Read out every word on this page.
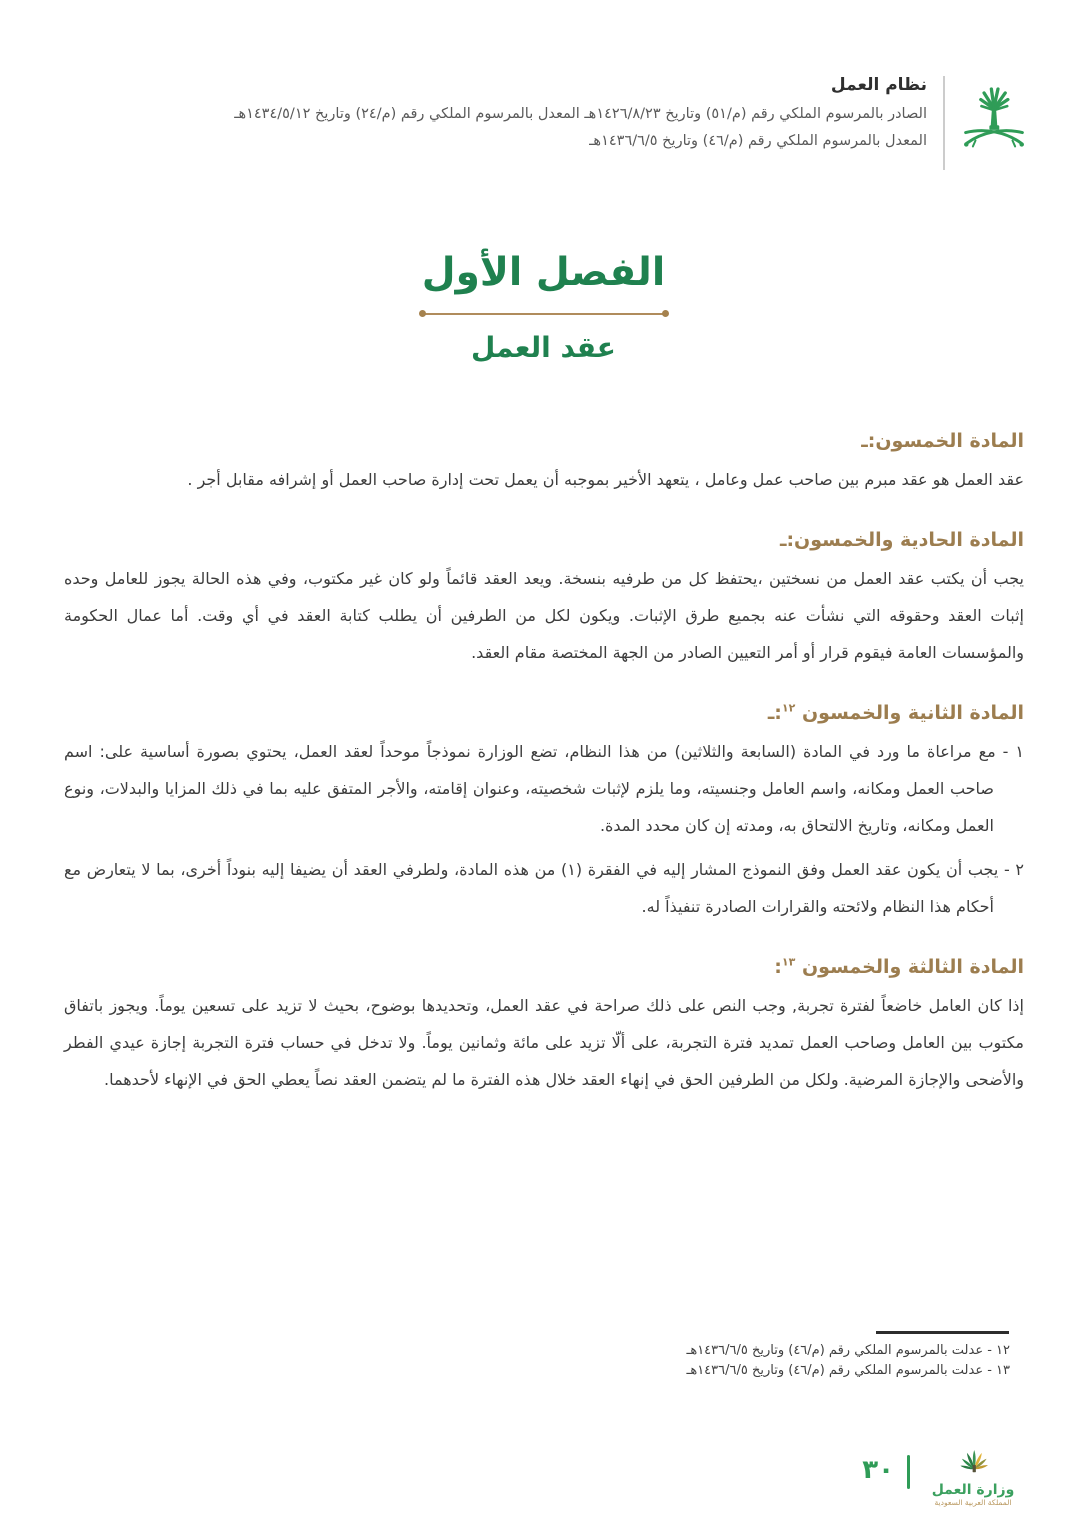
نظام العمل

الصادر بالمرسوم الملكي رقم (م/٥١) وتاريخ ١٤٢٦/٨/٢٣هـ المعدل بالمرسوم الملكي رقم (م/٢٤) وتاريخ ١٤٣٤/٥/١٢هـ

المعدل بالمرسوم الملكي رقم (م/٤٦) وتاريخ ١٤٣٦/٦/٥هـ

الفصل الأول
عقد العمل
المادة الخمسون:ـ

عقد العمل هو عقد مبرم بين صاحب عمل وعامل ، يتعهد الأخير بموجبه أن يعمل تحت إدارة صاحب العمل أو إشرافه مقابل أجر .

المادة الحادية والخمسون:ـ

يجب أن يكتب عقد العمل من نسختين ،يحتفظ كل من طرفيه بنسخة. ويعد العقد قائماً ولو كان غير مكتوب، وفي هذه الحالة يجوز للعامل وحده إثبات العقد وحقوقه التي نشأت عنه بجميع طرق الإثبات. ويكون لكل من الطرفين أن يطلب كتابة العقد في أي وقت. أما عمال الحكومة والمؤسسات العامة فيقوم قرار أو أمر التعيين الصادر من الجهة المختصة مقام العقد.

المادة الثانية والخمسون $^{١٢}$:ـ

١ - مع مراعاة ما ورد في المادة (السابعة والثلاثين) من هذا النظام، تضع الوزارة نموذجاً موحداً لعقد العمل، يحتوي بصورة أساسية على: اسم صاحب العمل ومكانه، واسم العامل وجنسيته، وما يلزم لإثبات شخصيته، وعنوان إقامته، والأجر المتفق عليه بما في ذلك المزايا والبدلات، ونوع العمل ومكانه، وتاريخ الالتحاق به، ومدته إن كان محدد المدة.

٢ - يجب أن يكون عقد العمل وفق النموذج المشار إليه في الفقرة (١) من هذه المادة، ولطرفي العقد أن يضيفا إليه بنوداً أخرى، بما لا يتعارض مع أحكام هذا النظام ولائحته والقرارات الصادرة تنفيذاً له.

المادة الثالثة والخمسون $^{١٣}$:

إذا كان العامل خاضعاً لفترة تجربة, وجب النص على ذلك صراحة في عقد العمل، وتحديدها بوضوح، بحيث لا تزيد على تسعين يوماً. ويجوز باتفاق مكتوب بين العامل وصاحب العمل تمديد فترة التجربة، على ألّا تزيد على مائة وثمانين يوماً. ولا تدخل في حساب فترة التجربة إجازة عيدي الفطر والأضحى والإجازة المرضية. ولكل من الطرفين الحق في إنهاء العقد خلال هذه الفترة ما لم يتضمن العقد نصاً يعطي الحق في الإنهاء لأحدهما.

١٢ - عدلت بالمرسوم الملكي رقم (م/٤٦) وتاريخ ١٤٣٦/٦/٥هـ

١٣ - عدلت بالمرسوم الملكي رقم (م/٤٦) وتاريخ ١٤٣٦/٦/٥هـ

٣٠
وزارة العمل
المملكة العربية السعودية
